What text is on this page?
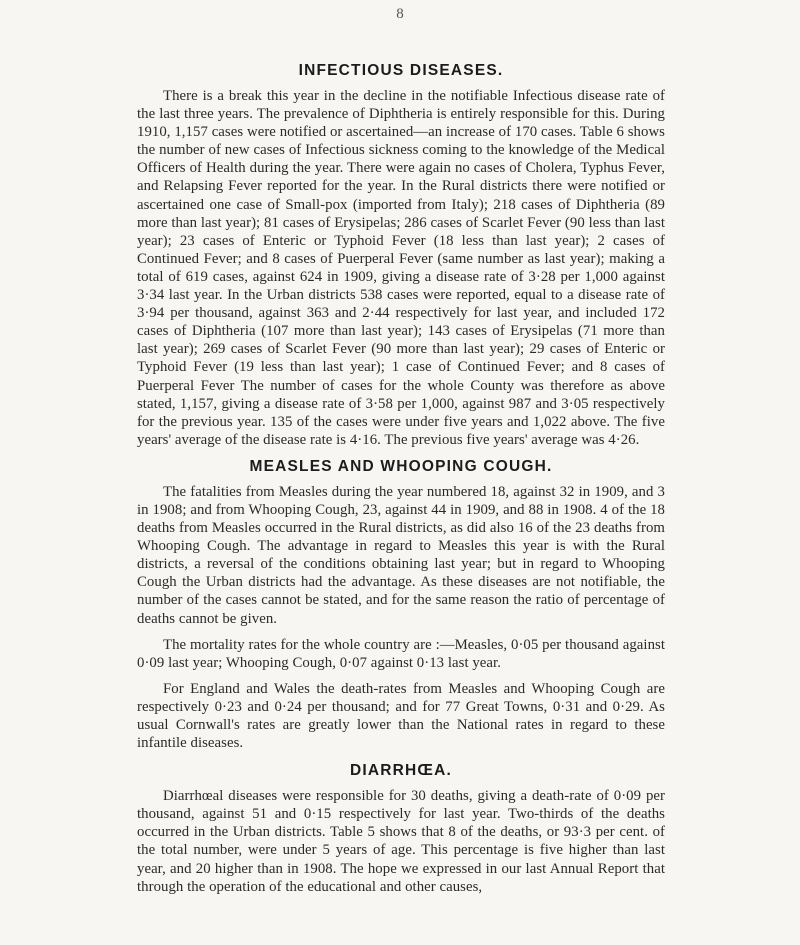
8
INFECTIOUS DISEASES.

There is a break this year in the decline in the notifiable Infectious disease rate of the last three years. The prevalence of Diphtheria is entirely responsible for this. During 1910, 1,157 cases were notified or ascertained—an increase of 170 cases. Table 6 shows the number of new cases of Infectious sickness coming to the knowledge of the Medical Officers of Health during the year. There were again no cases of Cholera, Typhus Fever, and Relapsing Fever reported for the year. In the Rural districts there were notified or ascertained one case of Small-pox (imported from Italy); 218 cases of Diphtheria (89 more than last year); 81 cases of Erysipelas; 286 cases of Scarlet Fever (90 less than last year); 23 cases of Enteric or Typhoid Fever (18 less than last year); 2 cases of Continued Fever; and 8 cases of Puerperal Fever (same number as last year); making a total of 619 cases, against 624 in 1909, giving a disease rate of 3·28 per 1,000 against 3·34 last year. In the Urban districts 538 cases were reported, equal to a disease rate of 3·94 per thousand, against 363 and 2·44 respectively for last year, and included 172 cases of Diphtheria (107 more than last year); 143 cases of Erysipelas (71 more than last year); 269 cases of Scarlet Fever (90 more than last year); 29 cases of Enteric or Typhoid Fever (19 less than last year); 1 case of Continued Fever; and 8 cases of Puerperal Fever The number of cases for the whole County was therefore as above stated, 1,157, giving a disease rate of 3·58 per 1,000, against 987 and 3·05 respectively for the previous year. 135 of the cases were under five years and 1,022 above. The five years' average of the disease rate is 4·16. The previous five years' average was 4·26.

MEASLES AND WHOOPING COUGH.

The fatalities from Measles during the year numbered 18, against 32 in 1909, and 3 in 1908; and from Whooping Cough, 23, against 44 in 1909, and 88 in 1908. 4 of the 18 deaths from Measles occurred in the Rural districts, as did also 16 of the 23 deaths from Whooping Cough. The advantage in regard to Measles this year is with the Rural districts, a reversal of the conditions obtaining last year; but in regard to Whooping Cough the Urban districts had the advantage. As these diseases are not notifiable, the number of the cases cannot be stated, and for the same reason the ratio of percentage of deaths cannot be given.

The mortality rates for the whole country are :—Measles, 0·05 per thousand against 0·09 last year; Whooping Cough, 0·07 against 0·13 last year.

For England and Wales the death-rates from Measles and Whooping Cough are respectively 0·23 and 0·24 per thousand; and for 77 Great Towns, 0·31 and 0·29. As usual Cornwall's rates are greatly lower than the National rates in regard to these infantile diseases.

DIARRHŒA.

Diarrhœal diseases were responsible for 30 deaths, giving a death-rate of 0·09 per thousand, against 51 and 0·15 respectively for last year. Two-thirds of the deaths occurred in the Urban districts. Table 5 shows that 8 of the deaths, or 93·3 per cent. of the total number, were under 5 years of age. This percentage is five higher than last year, and 20 higher than in 1908. The hope we expressed in our last Annual Report that through the operation of the educational and other causes,
